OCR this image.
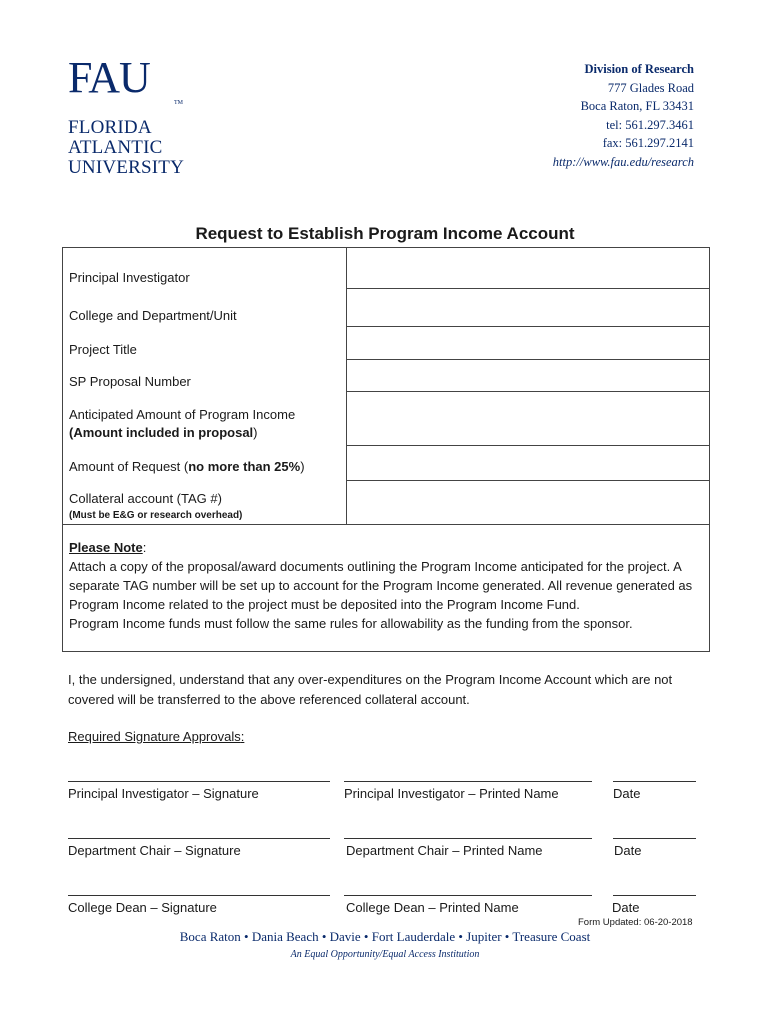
FAU
TM
FLORIDA
ATLANTIC
UNIVERSITY
Division of Research
777 Glades Road
Boca Raton, FL 33431
tel: 561.297.3461
fax: 561.297.2141
http://www.fau.edu/research
Request to Establish Program Income Account
Principal Investigator
College and Department/Unit
Project Title
SP Proposal Number
Anticipated Amount of Program Income
(Amount included in proposal)
Amount of Request (no more than 25%)
Collateral account (TAG #)
(Must be E&G or research overhead)
Please Note:
Attach a copy of the proposal/award documents outlining the Program Income anticipated for the project. A separate TAG number will be set up to account for the Program Income generated. All revenue generated as Program Income related to the project must be deposited into the Program Income Fund.
Program Income funds must follow the same rules for allowability as the funding from the sponsor.
I, the undersigned, understand that any over-expenditures on the Program Income Account which are not covered will be transferred to the above referenced collateral account.
Required Signature Approvals:
Principal Investigator – Signature	Principal Investigator – Printed Name	Date
Department Chair – Signature	Department Chair – Printed Name	Date
College Dean – Signature	College Dean – Printed Name	Date
Form Updated: 06-20-2018
Boca Raton • Dania Beach • Davie • Fort Lauderdale • Jupiter • Treasure Coast
An Equal Opportunity/Equal Access Institution
